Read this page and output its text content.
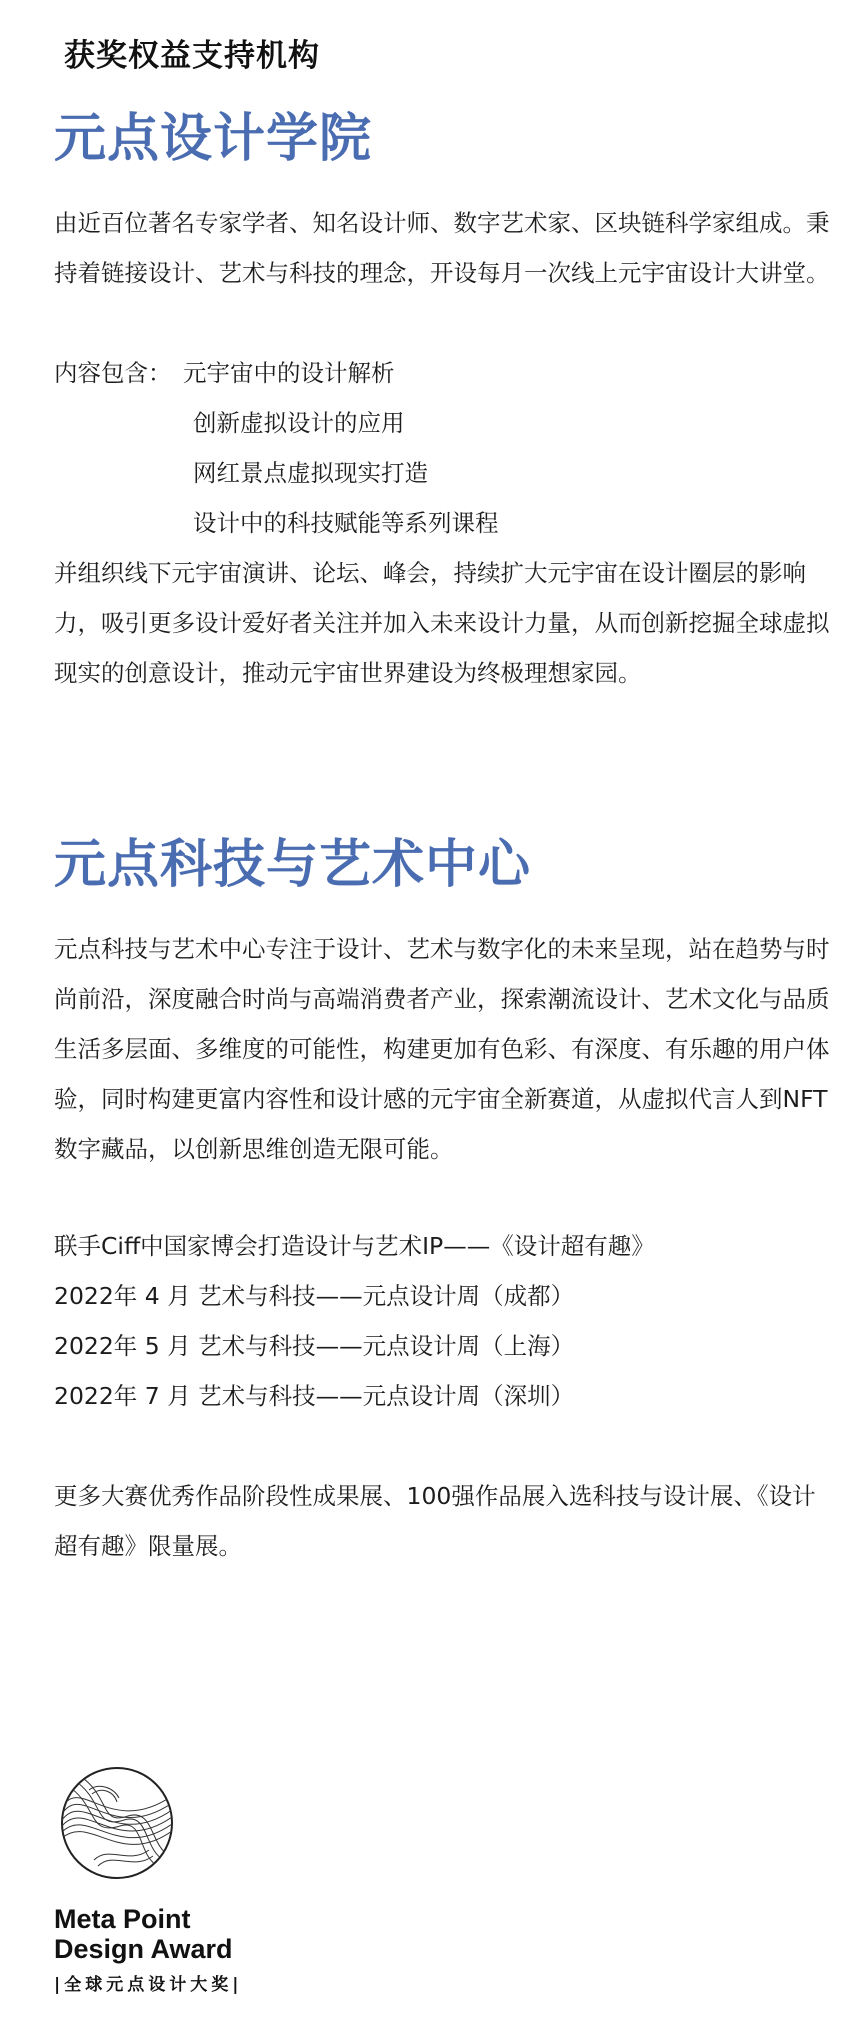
获奖权益支持机构
元点设计学院

由近百位著名专家学者、知名设计师、数字艺术家、区块链科学家组成。秉持着链接设计、艺术与科技的理念，开设每月一次线上元宇宙设计大讲堂。

内容包含： 元宇宙中的设计解析
创新虚拟设计的应用
网红景点虚拟现实打造
设计中的科技赋能等系列课程

并组织线下元宇宙演讲、论坛、峰会，持续扩大元宇宙在设计圈层的影响力，吸引更多设计爱好者关注并加入未来设计力量，从而创新挖掘全球虚拟现实的创意设计，推动元宇宙世界建设为终极理想家园。

元点科技与艺术中心

元点科技与艺术中心专注于设计、艺术与数字化的未来呈现，站在趋势与时尚前沿，深度融合时尚与高端消费者产业，探索潮流设计、艺术文化与品质生活多层面、多维度的可能性，构建更加有色彩、有深度、有乐趣的用户体验，同时构建更富内容性和设计感的元宇宙全新赛道，从虚拟代言人到NFT数字藏品，以创新思维创造无限可能。

联手Ciff中国家博会打造设计与艺术IP——《设计超有趣》
2022年 4 月 艺术与科技——元点设计周（成都）
2022年 5 月 艺术与科技——元点设计周（上海）
2022年 7 月 艺术与科技——元点设计周（深圳）

更多大赛优秀作品阶段性成果展、100强作品展入选科技与设计展、《设计超有趣》限量展。

Meta Point

Design Award

|全球元点设计大奖|
